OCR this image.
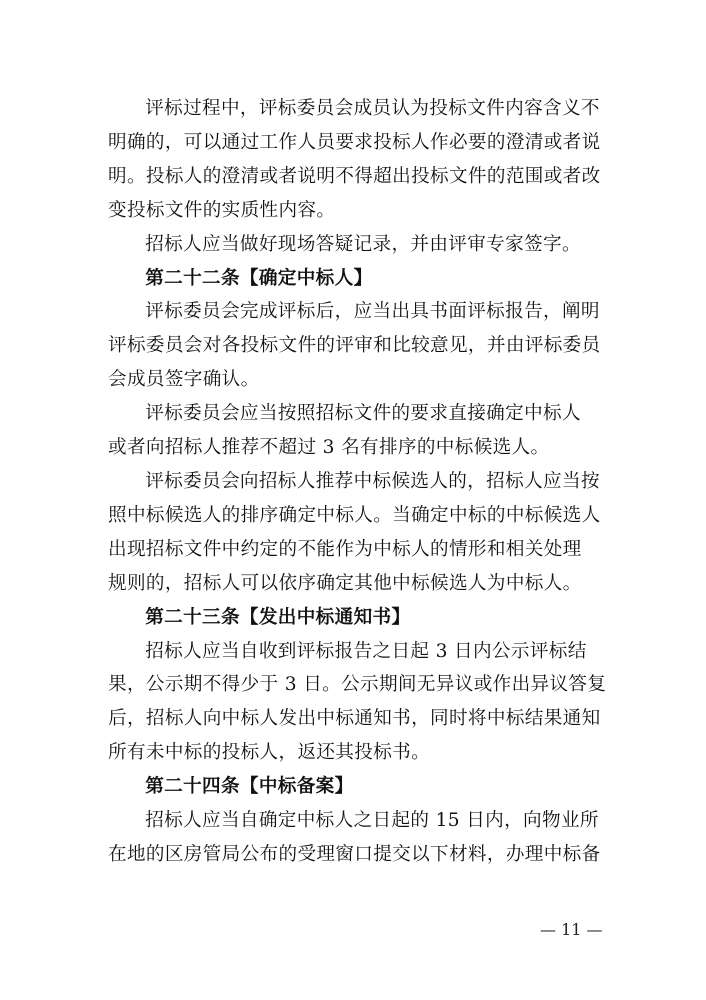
评标过程中，评标委员会成员认为投标文件内容含义不
明确的，可以通过工作人员要求投标人作必要的澄清或者说
明。投标人的澄清或者说明不得超出投标文件的范围或者改
变投标文件的实质性内容。

招标人应当做好现场答疑记录，并由评审专家签字。

第二十二条【确定中标人】

评标委员会完成评标后，应当出具书面评标报告，阐明
评标委员会对各投标文件的评审和比较意见，并由评标委员
会成员签字确认。

评标委员会应当按照招标文件的要求直接确定中标人
或者向招标人推荐不超过 3 名有排序的中标候选人。

评标委员会向招标人推荐中标候选人的，招标人应当按
照中标候选人的排序确定中标人。当确定中标的中标候选人
出现招标文件中约定的不能作为中标人的情形和相关处理
规则的，招标人可以依序确定其他中标候选人为中标人。

第二十三条【发出中标通知书】

招标人应当自收到评标报告之日起 3 日内公示评标结
果，公示期不得少于 3 日。公示期间无异议或作出异议答复
后，招标人向中标人发出中标通知书，同时将中标结果通知
所有未中标的投标人，返还其投标书。

第二十四条【中标备案】

招标人应当自确定中标人之日起的 15 日内，向物业所
在地的区房管局公布的受理窗口提交以下材料，办理中标备

— 11 —
